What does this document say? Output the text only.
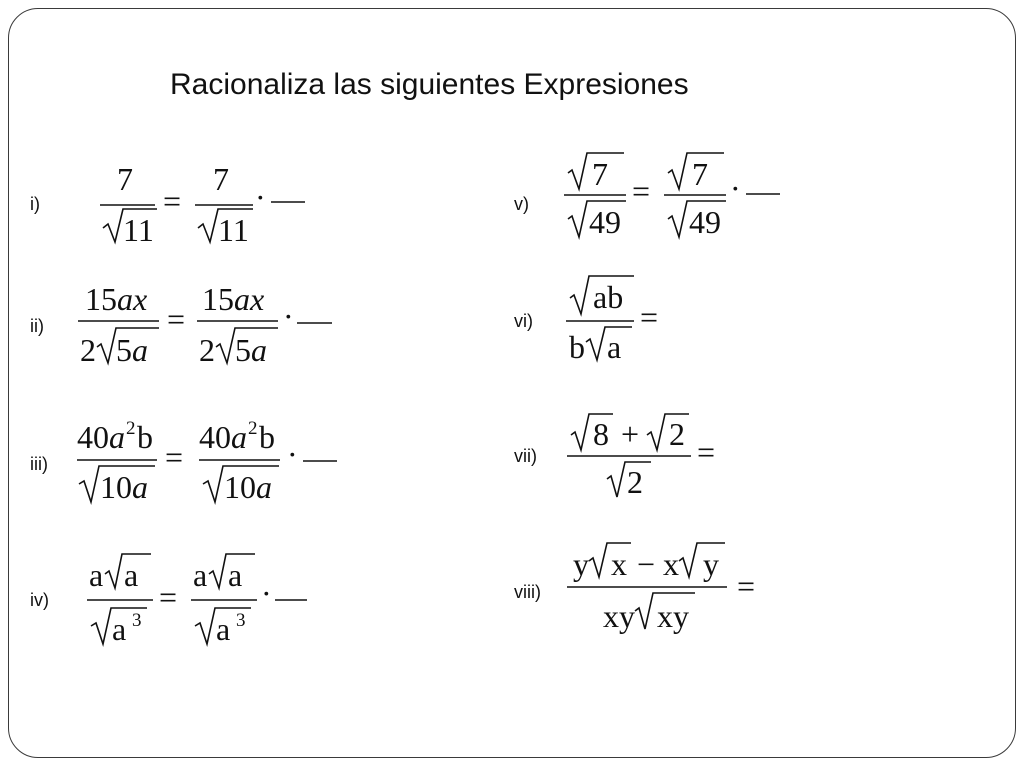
Racionaliza las siguientes Expresiones
i)
ii)
iii)
iv)
v)
vi)
vii)
viii)
7
11
=
7
11
·
15ax
2 5a
=
15ax
2 5a
·
40a 2 b
10a
=
40a 2 b
10a
·
a a
a 3
=
a a
a 3
·
7
49
= 7
49
·
ab
b a
=
8 + 2
2
=
y x − x y
xy xy
=
